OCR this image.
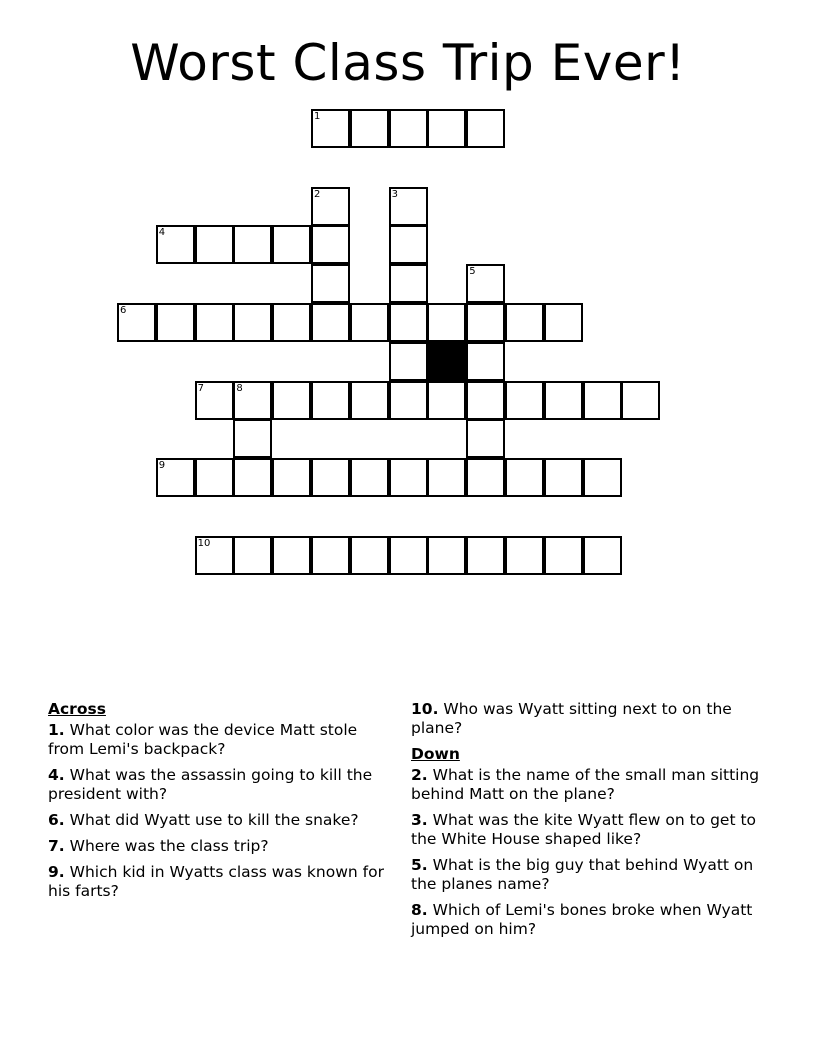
Worst Class Trip Ever!
1
2	3
4
5
6
7	8
9
10
Across
1. What color was the device Matt stole from Lemi's backpack?
4. What was the assassin going to kill the president with?
6. What did Wyatt use to kill the snake?
7. Where was the class trip?
9. Which kid in Wyatts class was known for his farts?
10. Who was Wyatt sitting next to on the plane?
Down
2. What is the name of the small man sitting behind Matt on the plane?
3. What was the kite Wyatt flew on to get to the White House shaped like?
5. What is the big guy that behind Wyatt on the planes name?
8. Which of Lemi's bones broke when Wyatt jumped on him?
